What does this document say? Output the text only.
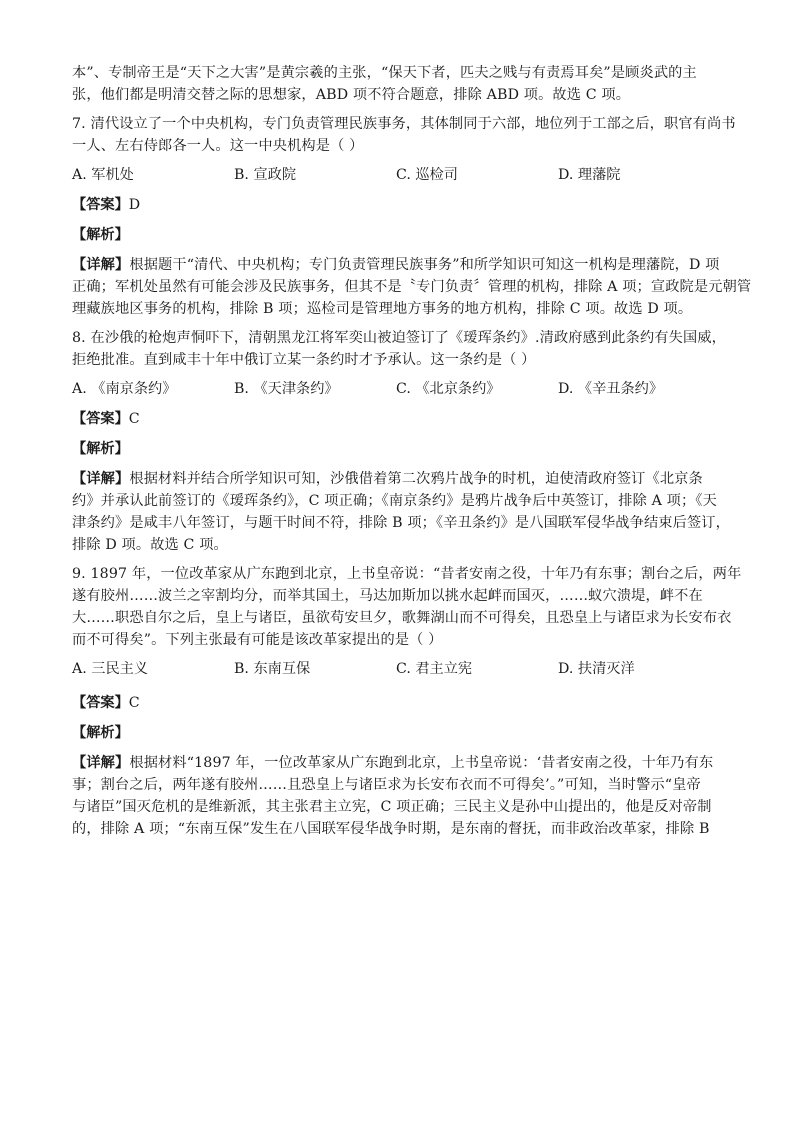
本”、专制帝王是“天下之大害”是黄宗羲的主张，“保天下者，匹夫之贱与有责焉耳矣”是顾炎武的主

张，他们都是明清交替之际的思想家，ABD 项不符合题意，排除 ABD 项。故选 C 项。

7. 清代设立了一个中央机构，专门负责管理民族事务，其体制同于六部，地位列于工部之后，职官有尚书

一人、左右侍郎各一人。这一中央机构是（ ）

A. 军机处	B. 宣政院	C. 巡检司	D. 理藩院
【答案】D
【解析】

【详解】根据题干“清代、中央机构；专门负责管理民族事务”和所学知识可知这一机构是理藩院，D 项

正确；军机处虽然有可能会涉及民族事务，但其不是〝专门负责〞管理的机构，排除 A 项；宣政院是元朝管

理藏族地区事务的机构，排除 B 项；巡检司是管理地方事务的地方机构，排除 C 项。故选 D 项。

8. 在沙俄的枪炮声恫吓下，清朝黑龙江将军奕山被迫签订了《瑷珲条约》.清政府感到此条约有失国威，

拒绝批准。直到咸丰十年中俄订立某一条约时才予承认。这一条约是（ ）

A. 《南京条约》	B. 《天津条约》	C. 《北京条约》	D. 《辛丑条约》
【答案】C
【解析】

【详解】根据材料并结合所学知识可知，沙俄借着第二次鸦片战争的时机，迫使清政府签订《北京条

约》并承认此前签订的《瑷珲条约》，C 项正确；《南京条约》是鸦片战争后中英签订，排除 A 项；《天

津条约》是咸丰八年签订，与题干时间不符，排除 B 项；《辛丑条约》是八国联军侵华战争结束后签订，

排除 D 项。故选 C 项。

9. 1897 年，一位改革家从广东跑到北京，上书皇帝说：“昔者安南之役，十年乃有东事；割台之后，两年

遂有胶州……波兰之宰割均分，而举其国土，马达加斯加以挑水起衅而国灭，……蚁穴溃堤，衅不在

大……职恐自尔之后，皇上与诸臣，虽欲苟安旦夕，歌舞湖山而不可得矣，且恐皇上与诸臣求为长安布衣

而不可得矣”。下列主张最有可能是该改革家提出的是（ ）

A. 三民主义	B. 东南互保	C. 君主立宪	D. 扶清灭洋
【答案】C
【解析】

【详解】根据材料“1897 年，一位改革家从广东跑到北京，上书皇帝说：‘昔者安南之役，十年乃有东

事；割台之后，两年遂有胶州……且恐皇上与诸臣求为长安布衣而不可得矣’。”可知，当时警示“皇帝

与诸臣”国灭危机的是维新派，其主张君主立宪，C 项正确；三民主义是孙中山提出的，他是反对帝制

的，排除 A 项；“东南互保”发生在八国联军侵华战争时期，是东南的督抚，而非政治改革家，排除 B
